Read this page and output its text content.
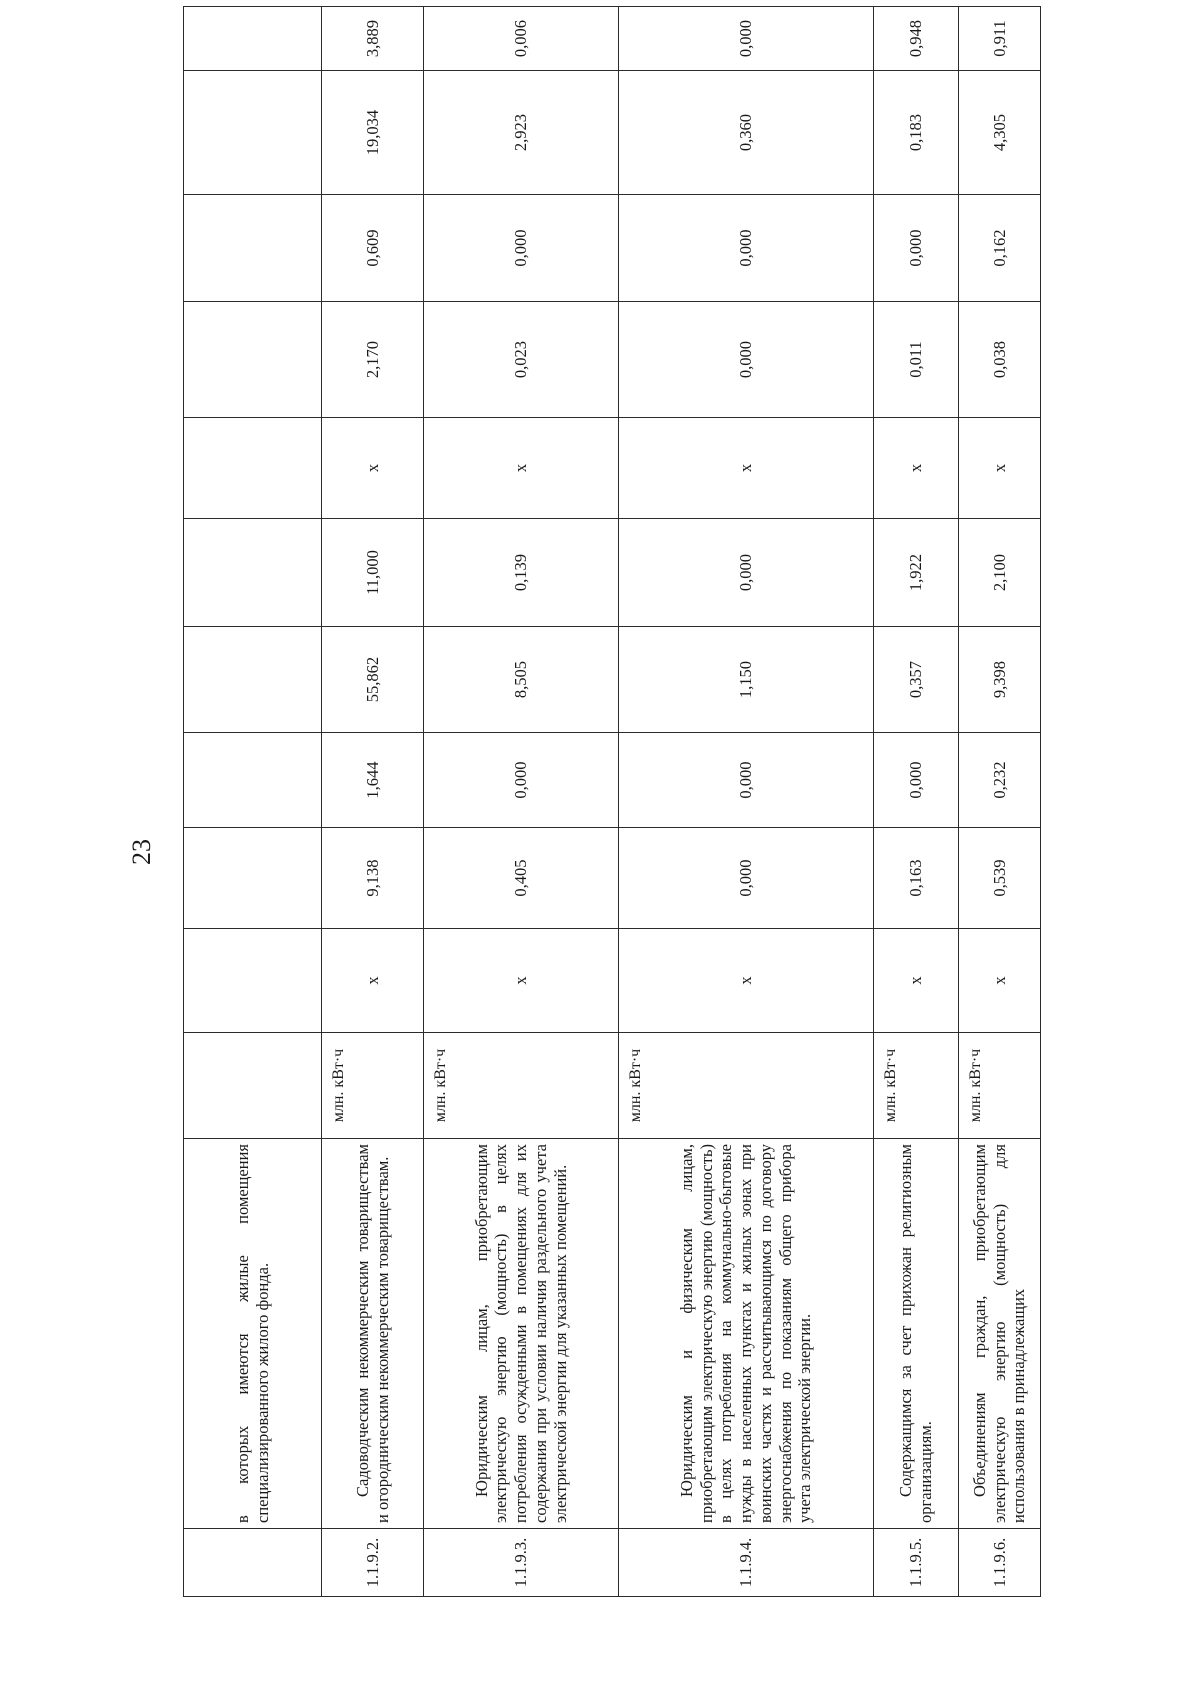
23
	в которых имеются жилые помещения специализированного жилого фонда.											
1.1.9.2.	Садоводческим некоммерческим товариществам и огородническим некоммерческим товариществам.	млн. кВт·ч	x	9,138	1,644	55,862	11,000	x	2,170	0,609	19,034	3,889
1.1.9.3.	Юридическим лицам, приобретающим электрическую энергию (мощность) в целях потребления осужденными в помещениях для их содержания при условии наличия раздельного учета электрической энергии для указанных помещений.	млн. кВт·ч	x	0,405	0,000	8,505	0,139	x	0,023	0,000	2,923	0,006
1.1.9.4.	Юридическим и физическим лицам, приобретающим электрическую энергию (мощность) в целях потребления на коммунально-бытовые нужды в населенных пунктах и жилых зонах при воинских частях и рассчитывающимся по договору энергоснабжения по показаниям общего прибора учета электрической энергии.	млн. кВт·ч	x	0,000	0,000	1,150	0,000	x	0,000	0,000	0,360	0,000
1.1.9.5.	Содержащимся за счет прихожан религиозным организациям.	млн. кВт·ч	x	0,163	0,000	0,357	1,922	x	0,011	0,000	0,183	0,948
1.1.9.6.	Объединениям граждан, приобретающим электрическую энергию (мощность) для использования в принадлежащих	млн. кВт·ч	x	0,539	0,232	9,398	2,100	x	0,038	0,162	4,305	0,911
